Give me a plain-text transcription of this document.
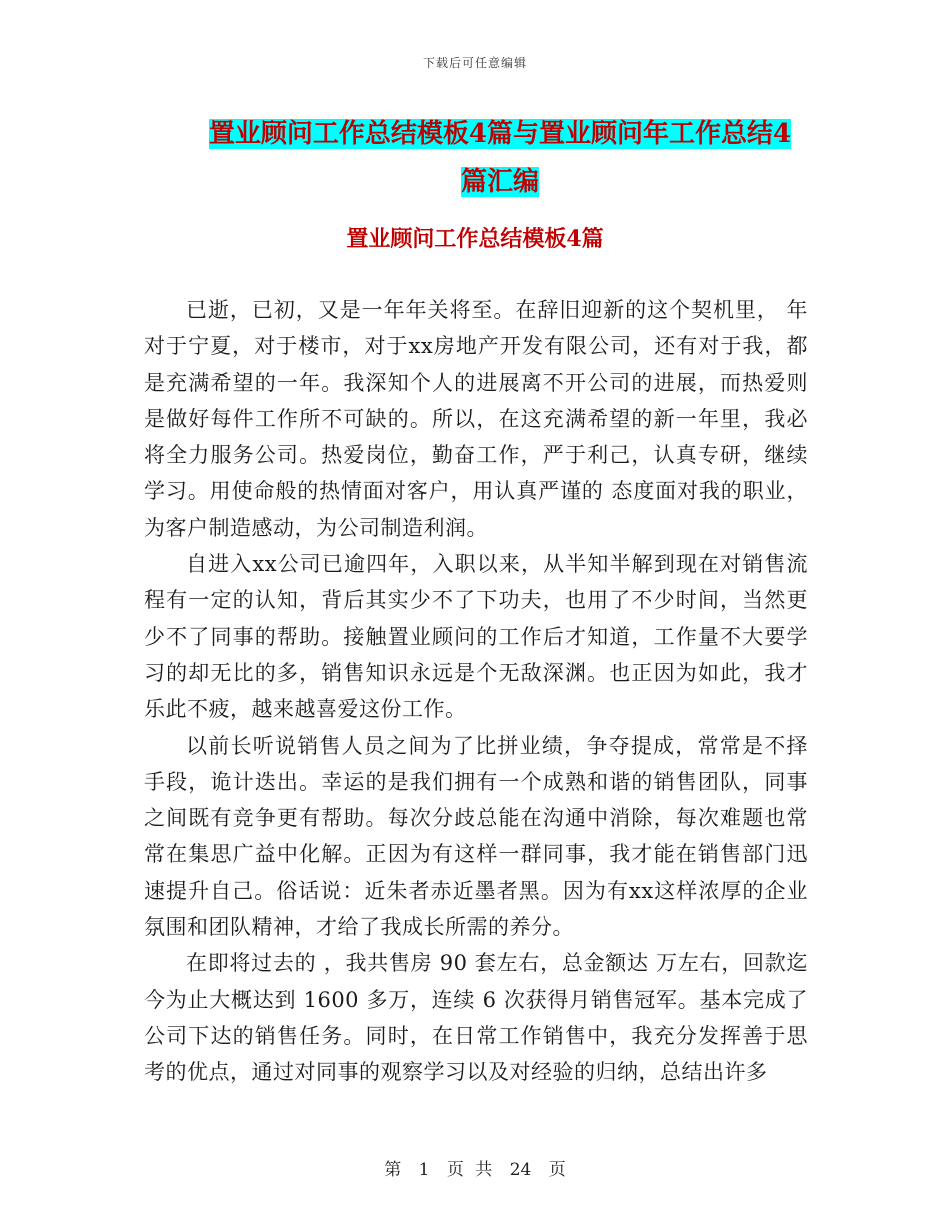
下载后可任意编辑
置业顾问工作总结模板4篇与置业顾问年工作总结4
篇汇编
置业顾问工作总结模板4篇

已逝，已初，又是一年年关将至。在辞旧迎新的这个契机里， 年对于宁夏，对于楼市，对于xx房地产开发有限公司，还有对于我，都是充满希望的一年。我深知个人的进展离不开公司的进展，而热爱则是做好每件工作所不可缺的。所以，在这充满希望的新一年里，我必将全力服务公司。热爱岗位，勤奋工作，严于利己，认真专研，继续学习。用使命般的热情面对客户，用认真严谨的 态度面对我的职业，为客户制造感动，为公司制造利润。

自进入xx公司已逾四年，入职以来，从半知半解到现在对销售流程有一定的认知，背后其实少不了下功夫，也用了不少时间，当然更少不了同事的帮助。接触置业顾问的工作后才知道，工作量不大要学习的却无比的多，销售知识永远是个无敌深渊。也正因为如此，我才乐此不疲，越来越喜爱这份工作。

以前长听说销售人员之间为了比拼业绩，争夺提成，常常是不择手段，诡计迭出。幸运的是我们拥有一个成熟和谐的销售团队，同事之间既有竞争更有帮助。每次分歧总能在沟通中消除，每次难题也常常在集思广益中化解。正因为有这样一群同事，我才能在销售部门迅速提升自己。俗话说：近朱者赤近墨者黑。因为有xx这样浓厚的企业氛围和团队精神，才给了我成长所需的养分。

在即将过去的 ，我共售房 90 套左右，总金额达 万左右，回款迄今为止大概达到 1600 多万，连续 6 次获得月销售冠军。基本完成了公司下达的销售任务。同时，在日常工作销售中，我充分发挥善于思考的优点，通过对同事的观察学习以及对经验的归纳，总结出许多

第 1 页 共 24 页
